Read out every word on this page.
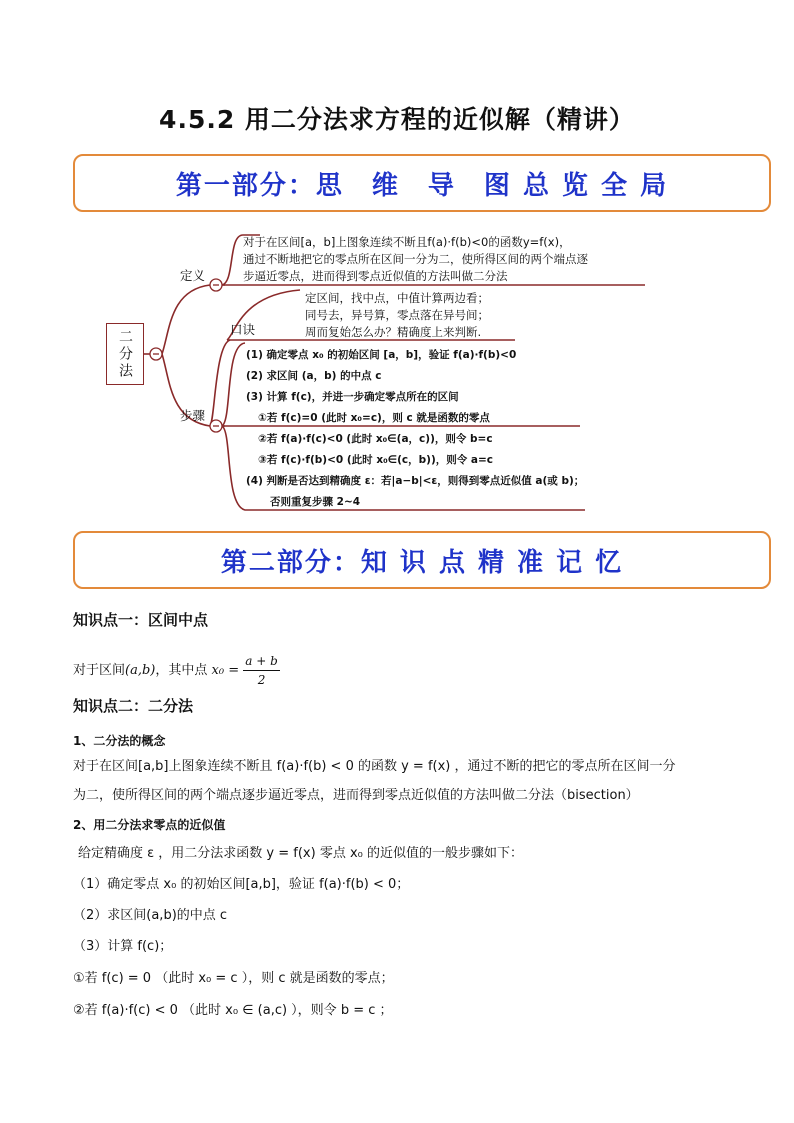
4.5.2 用二分法求方程的近似解（精讲）
第一部分：思　维　导　图 总 览 全 局
二分法
定义
口诀
步骤
对于在区间[a，b]上图象连续不断且f(a)·f(b)<0的函数y=f(x)，
通过不断地把它的零点所在区间一分为二，使所得区间的两个端点逐
步逼近零点，进而得到零点近似值的方法叫做二分法
定区间，找中点，中值计算两边看；
同号去，异号算，零点落在异号间；
周而复始怎么办？精确度上来判断.
(1) 确定零点 x₀ 的初始区间 [a，b]，验证 f(a)·f(b)<0
(2) 求区间 (a，b) 的中点 c
(3) 计算 f(c)，并进一步确定零点所在的区间
①若 f(c)=0 (此时 x₀=c)，则 c 就是函数的零点
②若 f(a)·f(c)<0 (此时 x₀∈(a，c))，则令 b=c
③若 f(c)·f(b)<0 (此时 x₀∈(c，b))，则令 a=c
(4) 判断是否达到精确度 ε：若|a−b|<ε，则得到零点近似值 a(或 b)；
否则重复步骤 2~4
第二部分：知 识 点 精 准 记 忆
知识点一：区间中点
对于区间(a,b)，其中点 $x_0 = \frac{a + b}{2}$
知识点二：二分法
1、二分法的概念
对于在区间[a,b]上图象连续不断且 f(a)·f(b) < 0 的函数 y = f(x) ，通过不断的把它的零点所在区间一分
为二，使所得区间的两个端点逐步逼近零点，进而得到零点近似值的方法叫做二分法（bisection）
2、用二分法求零点的近似值
给定精确度 ε ，用二分法求函数 y = f(x) 零点 x₀ 的近似值的一般步骤如下：
（1）确定零点 x₀ 的初始区间[a,b]，验证 f(a)·f(b) < 0；
（2）求区间(a,b)的中点 c
（3）计算 f(c)；
①若 f(c) = 0 （此时 x₀ = c ），则 c 就是函数的零点；
②若 f(a)·f(c) < 0 （此时 x₀ ∈ (a,c) ），则令 b = c ；
